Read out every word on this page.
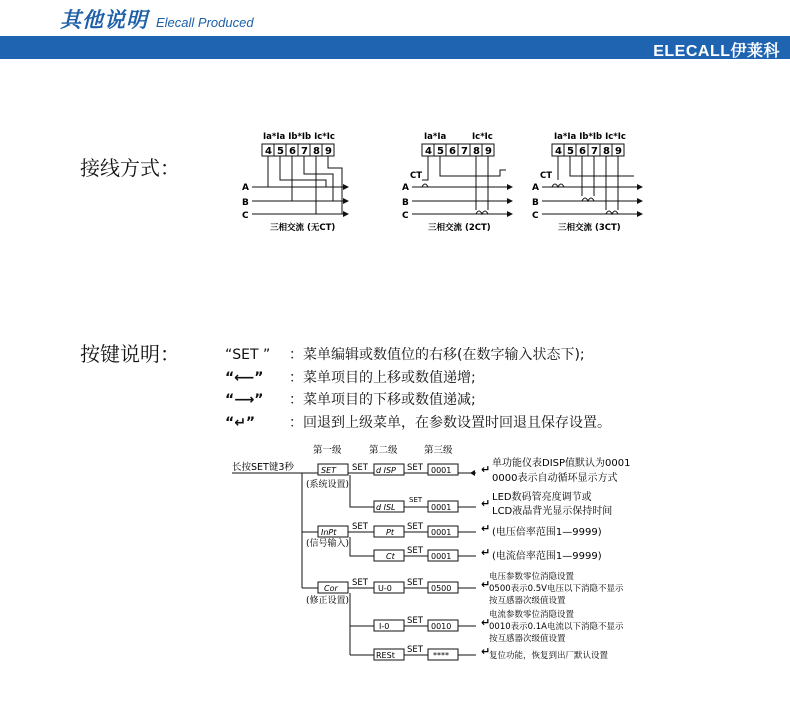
其他说明 Elecall Produced
ELECALL伊莱科
接线方式：
Ia*Ia Ib*Ib Ic*Ic
4 5 6 7 8 9
A
B
C
三相交流 (无CT)
Ia*Ia	Ic*Ic
4 5 6 7 8 9
CT
A
B
C
三相交流 (2CT)
Ia*Ia Ib*Ib Ic*Ic
4 5 6 7 8 9
CT
A
B
C
三相交流 (3CT)
按键说明：	“SET ” ：菜单编辑或数值位的右移(在数字输入状态下);
“⟵” ：菜单项目的上移或数值递增;
“⟶” ：菜单项目的下移或数值递减;
“↵” ：回退到上级菜单，在参数设置时回退且保存设置。
第一级	第二级	第三级
长按SET键3秒	SET SET d ISP SET 0001	↵ 单功能仪表DISP值默认为0001
0000表示自动循环显示方式
(系统设置)
d ISL
SET
0001	↵ LED数码管亮度调节或
LCD液晶背光显示保持时间
InPt
SET
Pt
SET
0001	↵ (电压倍率范围1—9999)
(信号输入)
Ct
SET
0001	↵ (电流倍率范围1—9999)
Cor
SET
U-0
SET
0500	↵
电压参数零位消隐设置
0500表示0.5V电压以下消隐不显示
按互感器次级值设置
(修正设置)
I-0
SET
0010	↵
电流参数零位消隐设置
0010表示0.1A电流以下消隐不显示
按互感器次级值设置
RESt
SET
****	↵
复位功能，恢复到出厂默认设置
